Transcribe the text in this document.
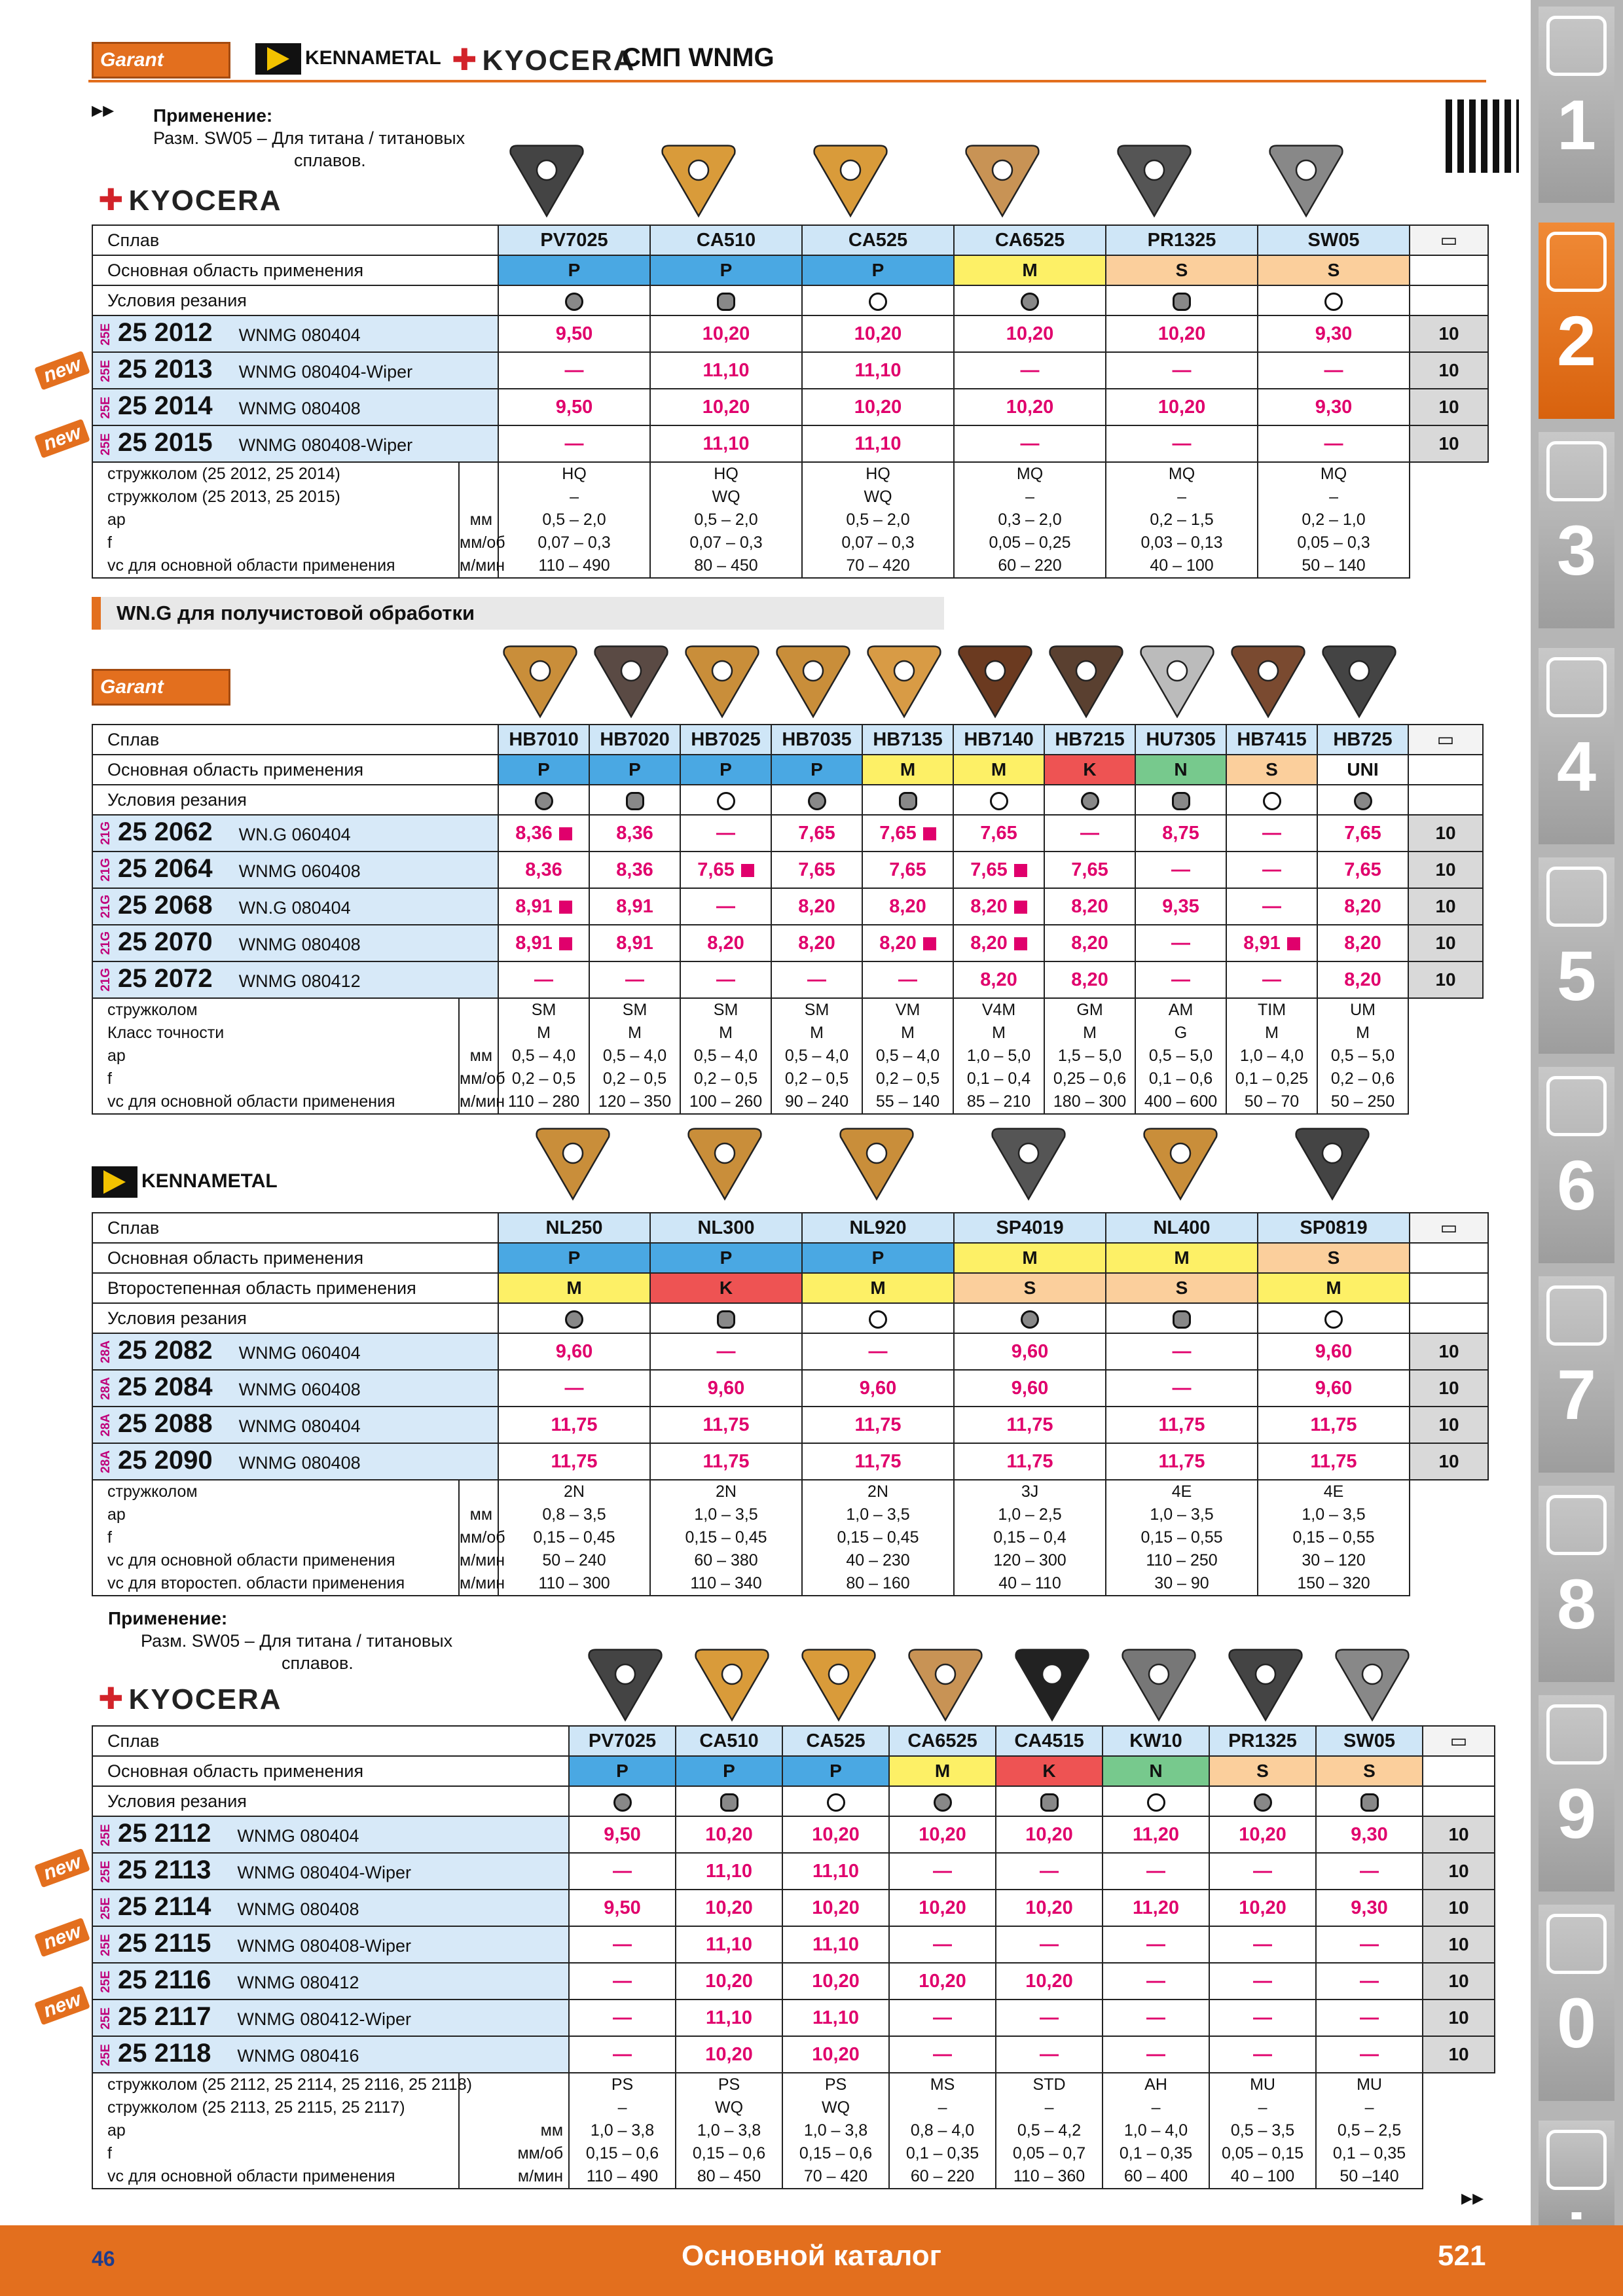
Garant	KENNAMETAL ✚ KYOCERA
СМП WNMG
▸▸ Применение:
Разм. SW05 – Для титана / титановых
сплавов.
✚ KYOCERA
Сплав		PV7025	CA510	CA525	CA6525	PR1325	SW05	▭
Основная область применения		P	P	P	M	S	S	
Условия резания								
25E 25 2012 WNMG 080404		9,50	10,20	10,20	10,20	10,20	9,30	10
25E 25 2013 WNMG 080404-Wiper		—	11,10	11,10	—	—	—	10
25E 25 2014 WNMG 080408		9,50	10,20	10,20	10,20	10,20	9,30	10
25E 25 2015 WNMG 080408-Wiper		—	11,10	11,10	—	—	—	10
стружколом (25 2012, 25 2014)		HQ	HQ	HQ	MQ	MQ	MQ	
стружколом (25 2013, 25 2015)		–	WQ	WQ	–	–	–	
ap	мм	0,5 – 2,0	0,5 – 2,0	0,5 – 2,0	0,3 – 2,0	0,2 – 1,5	0,2 – 1,0	
f	мм/об	0,07 – 0,3	0,07 – 0,3	0,07 – 0,3	0,05 – 0,25	0,03 – 0,13	0,05 – 0,3	
vc для основной области применения	м/мин	110 – 490	80 – 450	70 – 420	60 – 220	40 – 100	50 – 140	
WN.G для получистовой обработки
Garant
Сплав		HB7010	HB7020	HB7025	HB7035	HB7135	HB7140	HB7215	HU7305	HB7415	HB725	▭
Основная область применения		P	P	P	P	M	M	K	N	S	UNI	
Условия резания												
21G 25 2062 WN.G 060404		8,36	8,36	—	7,65	7,65	7,65	—	8,75	—	7,65	10
21G 25 2064 WNMG 060408		8,36	8,36	7,65	7,65	7,65	7,65	7,65	—	—	7,65	10
21G 25 2068 WN.G 080404		8,91	8,91	—	8,20	8,20	8,20	8,20	9,35	—	8,20	10
21G 25 2070 WNMG 080408		8,91	8,91	8,20	8,20	8,20	8,20	8,20	—	8,91	8,20	10
21G 25 2072 WNMG 080412		—	—	—	—	—	8,20	8,20	—	—	8,20	10
стружколом		SM	SM	SM	SM	VM	V4M	GM	AM	TIM	UM	
Класс точности		M	M	M	M	M	M	M	G	M	M	
ap	мм	0,5 – 4,0	0,5 – 4,0	0,5 – 4,0	0,5 – 4,0	0,5 – 4,0	1,0 – 5,0	1,5 – 5,0	0,5 – 5,0	1,0 – 4,0	0,5 – 5,0	
f	мм/об	0,2 – 0,5	0,2 – 0,5	0,2 – 0,5	0,2 – 0,5	0,2 – 0,5	0,1 – 0,4	0,25 – 0,6	0,1 – 0,6	0,1 – 0,25	0,2 – 0,6	
vc для основной области применения	м/мин	110 – 280	120 – 350	100 – 260	90 – 240	55 – 140	85 – 210	180 – 300	400 – 600	50 – 70	50 – 250	
KENNAMETAL
Сплав		NL250	NL300	NL920	SP4019	NL400	SP0819	▭
Основная область применения		P	P	P	M	M	S	
Второстепенная область применения		M	K	M	S	S	M	
Условия резания								
28A 25 2082 WNMG 060404		9,60	—	—	9,60	—	9,60	10
28A 25 2084 WNMG 060408		—	9,60	9,60	9,60	—	9,60	10
28A 25 2088 WNMG 080404		11,75	11,75	11,75	11,75	11,75	11,75	10
28A 25 2090 WNMG 080408		11,75	11,75	11,75	11,75	11,75	11,75	10
стружколом		2N	2N	2N	3J	4E	4E	
ap	мм	0,8 – 3,5	1,0 – 3,5	1,0 – 3,5	1,0 – 2,5	1,0 – 3,5	1,0 – 3,5	
f	мм/об	0,15 – 0,45	0,15 – 0,45	0,15 – 0,45	0,15 – 0,4	0,15 – 0,55	0,15 – 0,55	
vc для основной области применения	м/мин	50 – 240	60 – 380	40 – 230	120 – 300	110 – 250	30 – 120	
vc для второстеп. области применения	м/мин	110 – 300	110 – 340	80 – 160	40 – 110	30 – 90	150 – 320	
Применение:
Разм. SW05 – Для титана / титановых
сплавов.
✚ KYOCERA
Сплав		PV7025	CA510	CA525	CA6525	CA4515	KW10	PR1325	SW05	▭
Основная область применения		P	P	P	M	K	N	S	S	
Условия резания										
25E 25 2112 WNMG 080404		9,50	10,20	10,20	10,20	10,20	11,20	10,20	9,30	10
25E 25 2113 WNMG 080404-Wiper		—	11,10	11,10	—	—	—	—	—	10
25E 25 2114 WNMG 080408		9,50	10,20	10,20	10,20	10,20	11,20	10,20	9,30	10
25E 25 2115 WNMG 080408-Wiper		—	11,10	11,10	—	—	—	—	—	10
25E 25 2116 WNMG 080412		—	10,20	10,20	10,20	10,20	—	—	—	10
25E 25 2117 WNMG 080412-Wiper		—	11,10	11,10	—	—	—	—	—	10
25E 25 2118 WNMG 080416		—	10,20	10,20	—	—	—	—	—	10
стружколом (25 2112, 25 2114, 25 2116, 25 2118)		PS	PS	PS	MS	STD	AH	MU	MU	
стружколом (25 2113, 25 2115, 25 2117)		–	WQ	WQ	–	–	–	–	–	
ap	мм	1,0 – 3,8	1,0 – 3,8	1,0 – 3,8	0,8 – 4,0	0,5 – 4,2	1,0 – 4,0	0,5 – 3,5	0,5 – 2,5	
f	мм/об	0,15 – 0,6	0,15 – 0,6	0,15 – 0,6	0,1 – 0,35	0,05 – 0,7	0,1 – 0,35	0,05 – 0,15	0,1 – 0,35	
vc для основной области применения	м/мин	110 – 490	80 – 450	70 – 420	60 – 220	110 – 360	60 – 400	40 – 100	50 –140	
▸▸
new
new
new
new
new
1
2
3
4
5
6
7
8
9
0
46	Основной каталог	521
